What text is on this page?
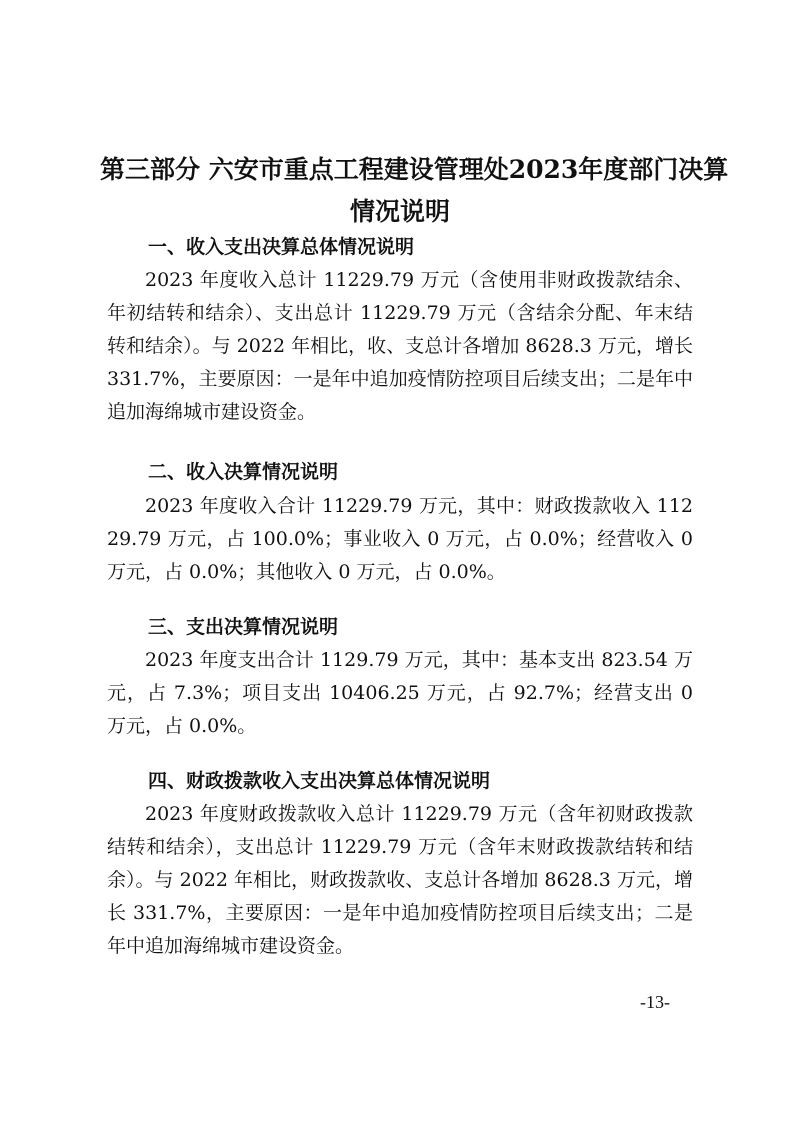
第三部分 六安市重点工程建设管理处2023年度部门决算
情况说明
一、收入支出决算总体情况说明

2023 年度收入总计 11229.79 万元（含使用非财政拨款结余、年初结转和结余）、支出总计 11229.79 万元（含结余分配、年末结转和结余）。与 2022 年相比，收、支总计各增加 8628.3 万元，增长 331.7%，主要原因：一是年中追加疫情防控项目后续支出；二是年中追加海绵城市建设资金。

二、收入决算情况说明

2023 年度收入合计 11229.79 万元，其中：财政拨款收入 11229.79 万元，占 100.0%；事业收入 0 万元，占 0.0%；经营收入 0 万元，占 0.0%；其他收入 0 万元，占 0.0%。

三、支出决算情况说明

2023 年度支出合计 1129.79 万元，其中：基本支出 823.54 万元，占 7.3%；项目支出 10406.25 万元，占 92.7%；经营支出 0 万元，占 0.0%。

四、财政拨款收入支出决算总体情况说明

2023 年度财政拨款收入总计 11229.79 万元（含年初财政拨款结转和结余），支出总计 11229.79 万元（含年末财政拨款结转和结余）。与 2022 年相比，财政拨款收、支总计各增加 8628.3 万元，增长 331.7%，主要原因：一是年中追加疫情防控项目后续支出；二是年中追加海绵城市建设资金。

-13-
